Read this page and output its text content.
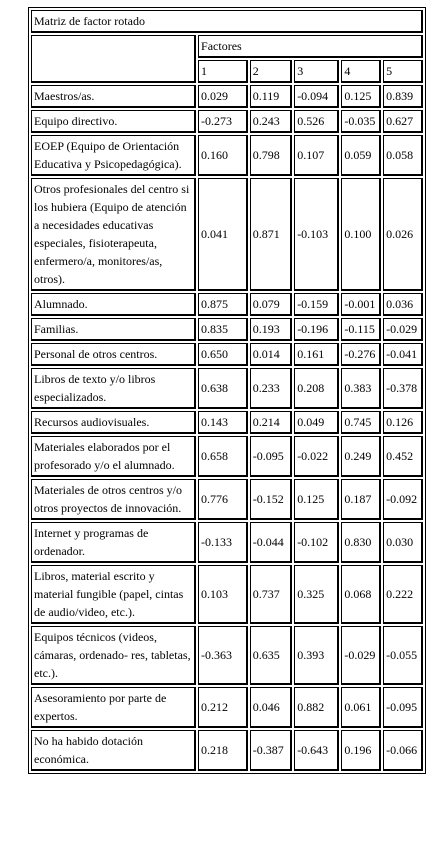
Matriz de factor rotado					
	Factores				
	1	2	3	4	5
Maestros/as.	0.029	0.119	-0.094	0.125	0.839
Equipo directivo.	-0.273	0.243	0.526	-0.035	0.627
EOEP (Equipo de Orientación Educativa y Psicopedagógica).	0.160	0.798	0.107	0.059	0.058
Otros profesionales del centro si los hubiera (Equipo de atención a necesidades educativas especiales, fisioterapeuta, enfermero/a, monitores/as, otros).	0.041	0.871	-0.103	0.100	0.026
Alumnado.	0.875	0.079	-0.159	-0.001	0.036
Familias.	0.835	0.193	-0.196	-0.115	-0.029
Personal de otros centros.	0.650	0.014	0.161	-0.276	-0.041
Libros de texto y/o libros especializados.	0.638	0.233	0.208	0.383	-0.378
Recursos audiovisuales.	0.143	0.214	0.049	0.745	0.126
Materiales elaborados por el profesorado y/o el alumnado.	0.658	-0.095	-0.022	0.249	0.452
Materiales de otros centros y/o otros proyectos de innovación.	0.776	-0.152	0.125	0.187	-0.092
Internet y programas de ordenador.	-0.133	-0.044	-0.102	0.830	0.030
Libros, material escrito y material fungible (papel, cintas de audio/video, etc.).	0.103	0.737	0.325	0.068	0.222
Equipos técnicos (videos, cámaras, ordenado- res, tabletas, etc.).	-0.363	0.635	0.393	-0.029	-0.055
Asesoramiento por parte de expertos.	0.212	0.046	0.882	0.061	-0.095
No ha habido dotación económica.	0.218	-0.387	-0.643	0.196	-0.066
